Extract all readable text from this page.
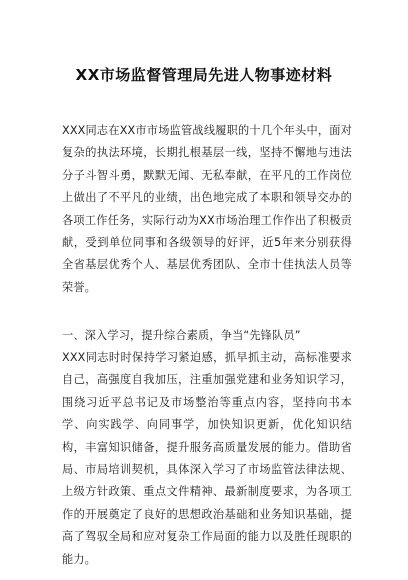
XX市场监督管理局先进人物事迹材料
XXX同志在XX市市场监管战线履职的十几个年头中，面对复杂的执法环境，长期扎根基层一线，坚持不懈地与违法分子斗智斗勇，默默无闻、无私奉献，在平凡的工作岗位上做出了不平凡的业绩，出色地完成了本职和领导交办的各项工作任务，实际行动为XX市场治理工作作出了积极贡献，受到单位同事和各级领导的好评，近5年来分别获得全省基层优秀个人、基层优秀团队、全市十佳执法人员等荣誉。
一、深入学习，提升综合素质，争当“先锋队员”
XXX同志时时保持学习紧迫感，抓早抓主动，高标准要求自己，高强度自我加压，注重加强党建和业务知识学习，围绕习近平总书记及市场整治等重点内容，坚持向书本学、向实践学、向同事学，加快知识更新，优化知识结构，丰富知识储备，提升服务高质量发展的能力。借助省局、市局培训契机，具体深入学习了市场监管法律法规、上级方针政策、重点文件精神、最新制度要求，为各项工作的开展奠定了良好的思想政治基础和业务知识基础，提高了驾驭全局和应对复杂工作局面的能力以及胜任现职的能力。
